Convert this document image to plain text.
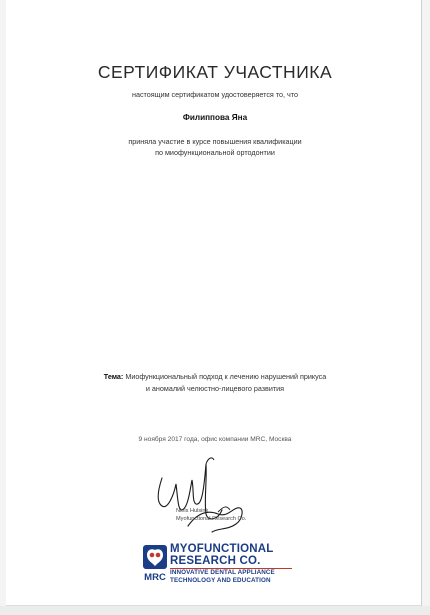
СЕРТИФИКАТ УЧАСТНИКА
настоящим сертификатом удостоверяется то, что
Филиппова Яна
приняла участие в курсе повышения квалификации
по миофункциональной ортодонтии
Тема: Миофункциональный подход к лечению нарушений прикуса
и аномалий челюстно-лицевого развития
9 ноября 2017 года, офис компании MRC, Москва
Niels Hulsink
Myofunctional Research Co.
MRC
MYOFUNCTIONAL
RESEARCH CO.
INNOVATIVE DENTAL APPLIANCE
TECHNOLOGY AND EDUCATION
